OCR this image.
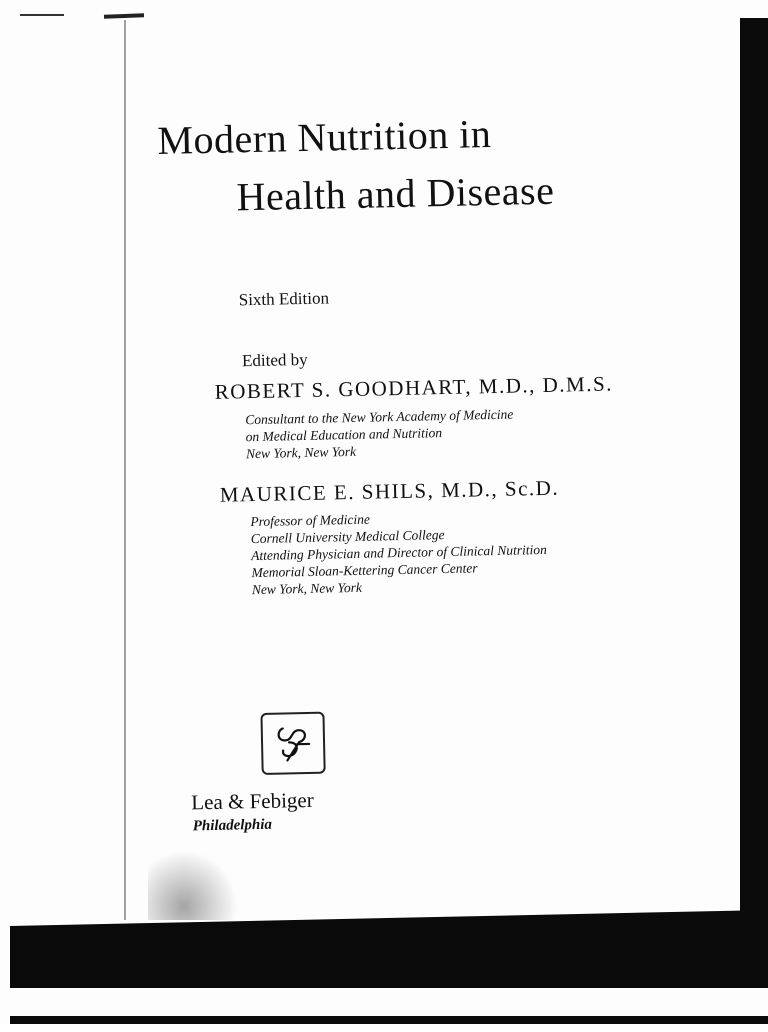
Modern Nutrition in
Health and Disease
Sixth Edition
Edited by
ROBERT S. GOODHART, M.D., D.M.S.
Consultant to the New York Academy of Medicine
on Medical Education and Nutrition
New York, New York
MAURICE E. SHILS, M.D., Sc.D.
Professor of Medicine
Cornell University Medical College
Attending Physician and Director of Clinical Nutrition
Memorial Sloan-Kettering Cancer Center
New York, New York
Lea & Febiger
Philadelphia
